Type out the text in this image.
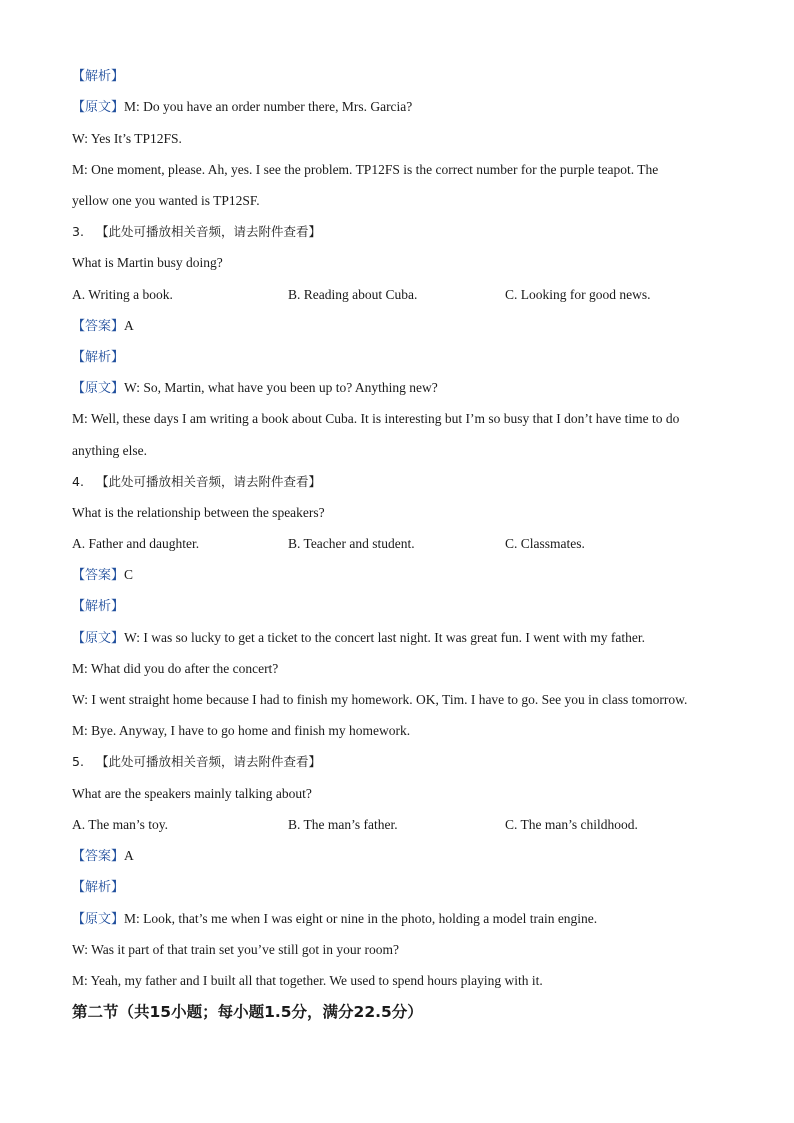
【解析】
【原文】M: Do you have an order number there, Mrs. Garcia?
W: Yes It’s TP12FS.
M: One moment, please. Ah, yes. I see the problem. TP12FS is the correct number for the purple teapot. The
yellow one you wanted is TP12SF.
3. 【此处可播放相关音频，请去附件查看】
What is Martin busy doing?
A. Writing a book.	B. Reading about Cuba.	C. Looking for good news.
【答案】A
【解析】
【原文】W: So, Martin, what have you been up to? Anything new?
M: Well, these days I am writing a book about Cuba. It is interesting but I’m so busy that I don’t have time to do
anything else.
4. 【此处可播放相关音频，请去附件查看】
What is the relationship between the speakers?
A. Father and daughter.	B. Teacher and student.	C. Classmates.
【答案】C
【解析】
【原文】W: I was so lucky to get a ticket to the concert last night. It was great fun. I went with my father.
M: What did you do after the concert?
W: I went straight home because I had to finish my homework. OK, Tim. I have to go. See you in class tomorrow.
M: Bye. Anyway, I have to go home and finish my homework.
5. 【此处可播放相关音频，请去附件查看】
What are the speakers mainly talking about?
A. The man’s toy.	B. The man’s father.	C. The man’s childhood.
【答案】A
【解析】
【原文】M: Look, that’s me when I was eight or nine in the photo, holding a model train engine.
W: Was it part of that train set you’ve still got in your room?
M: Yeah, my father and I built all that together. We used to spend hours playing with it.
第二节（共15小题；每小题1.5分，满分22.5分）
